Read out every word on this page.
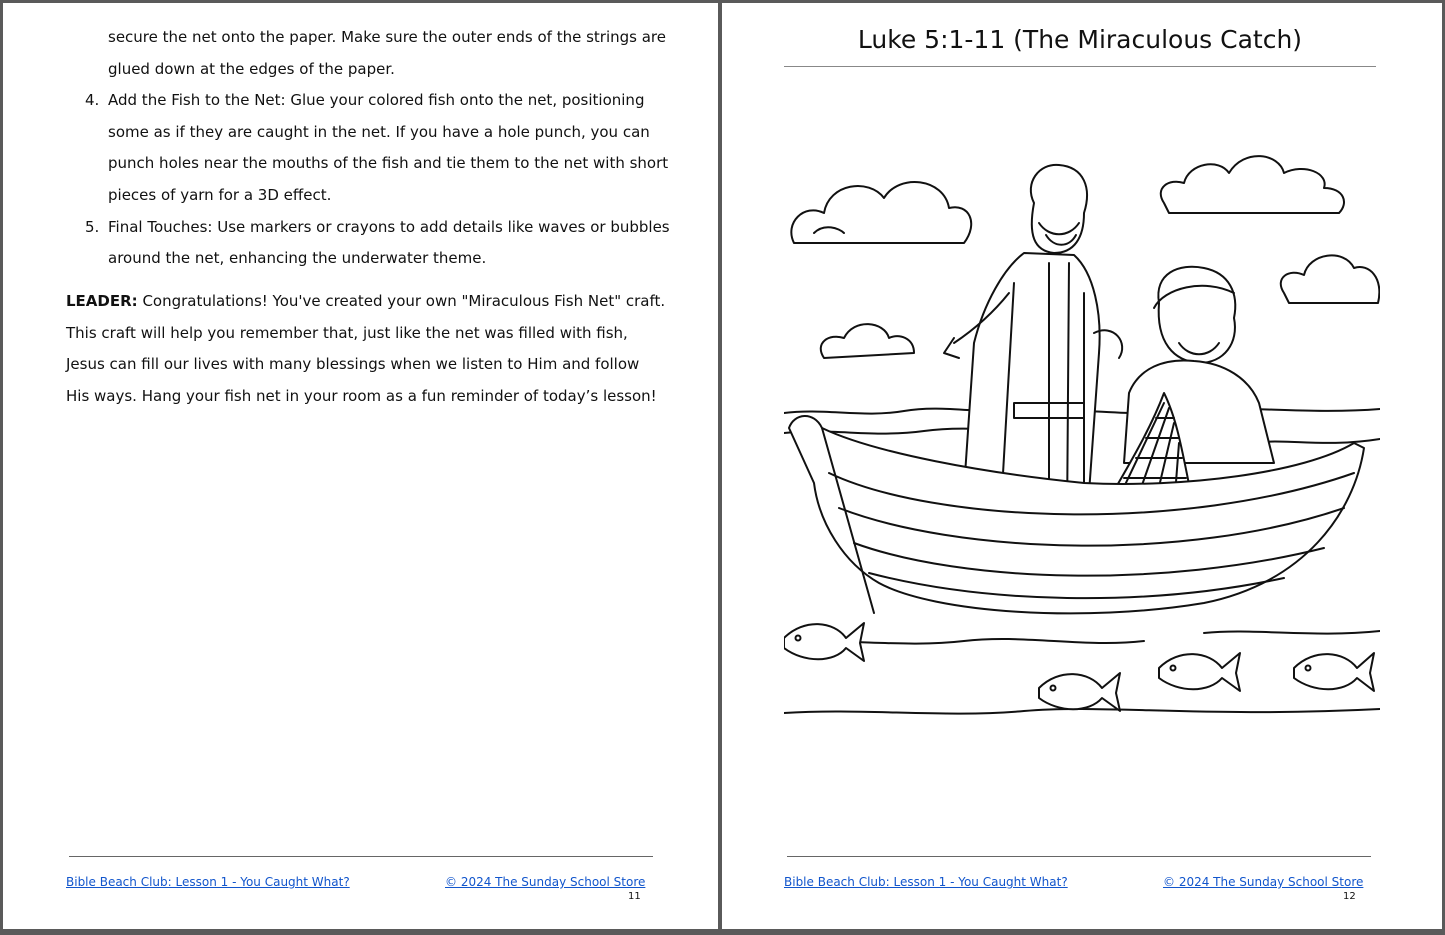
secure the net onto the paper. Make sure the outer ends of the strings are
glued down at the edges of the paper.
4. Add the Fish to the Net: Glue your colored fish onto the net, positioning some as if they are caught in the net. If you have a hole punch, you can punch holes near the mouths of the fish and tie them to the net with short pieces of yarn for a 3D effect.
5. Final Touches: Use markers or crayons to add details like waves or bubbles around the net, enhancing the underwater theme.

LEADER: Congratulations! You've created your own "Miraculous Fish Net" craft. This craft will help you remember that, just like the net was filled with fish, Jesus can fill our lives with many blessings when we listen to Him and follow His ways. Hang your fish net in your room as a fun reminder of today’s lesson!

Bible Beach Club: Lesson 1 - You Caught What?	© 2024 The Sunday School Store
11
Luke 5:1-11 (The Miraculous Catch)
Bible Beach Club: Lesson 1 - You Caught What?	© 2024 The Sunday School Store
12
